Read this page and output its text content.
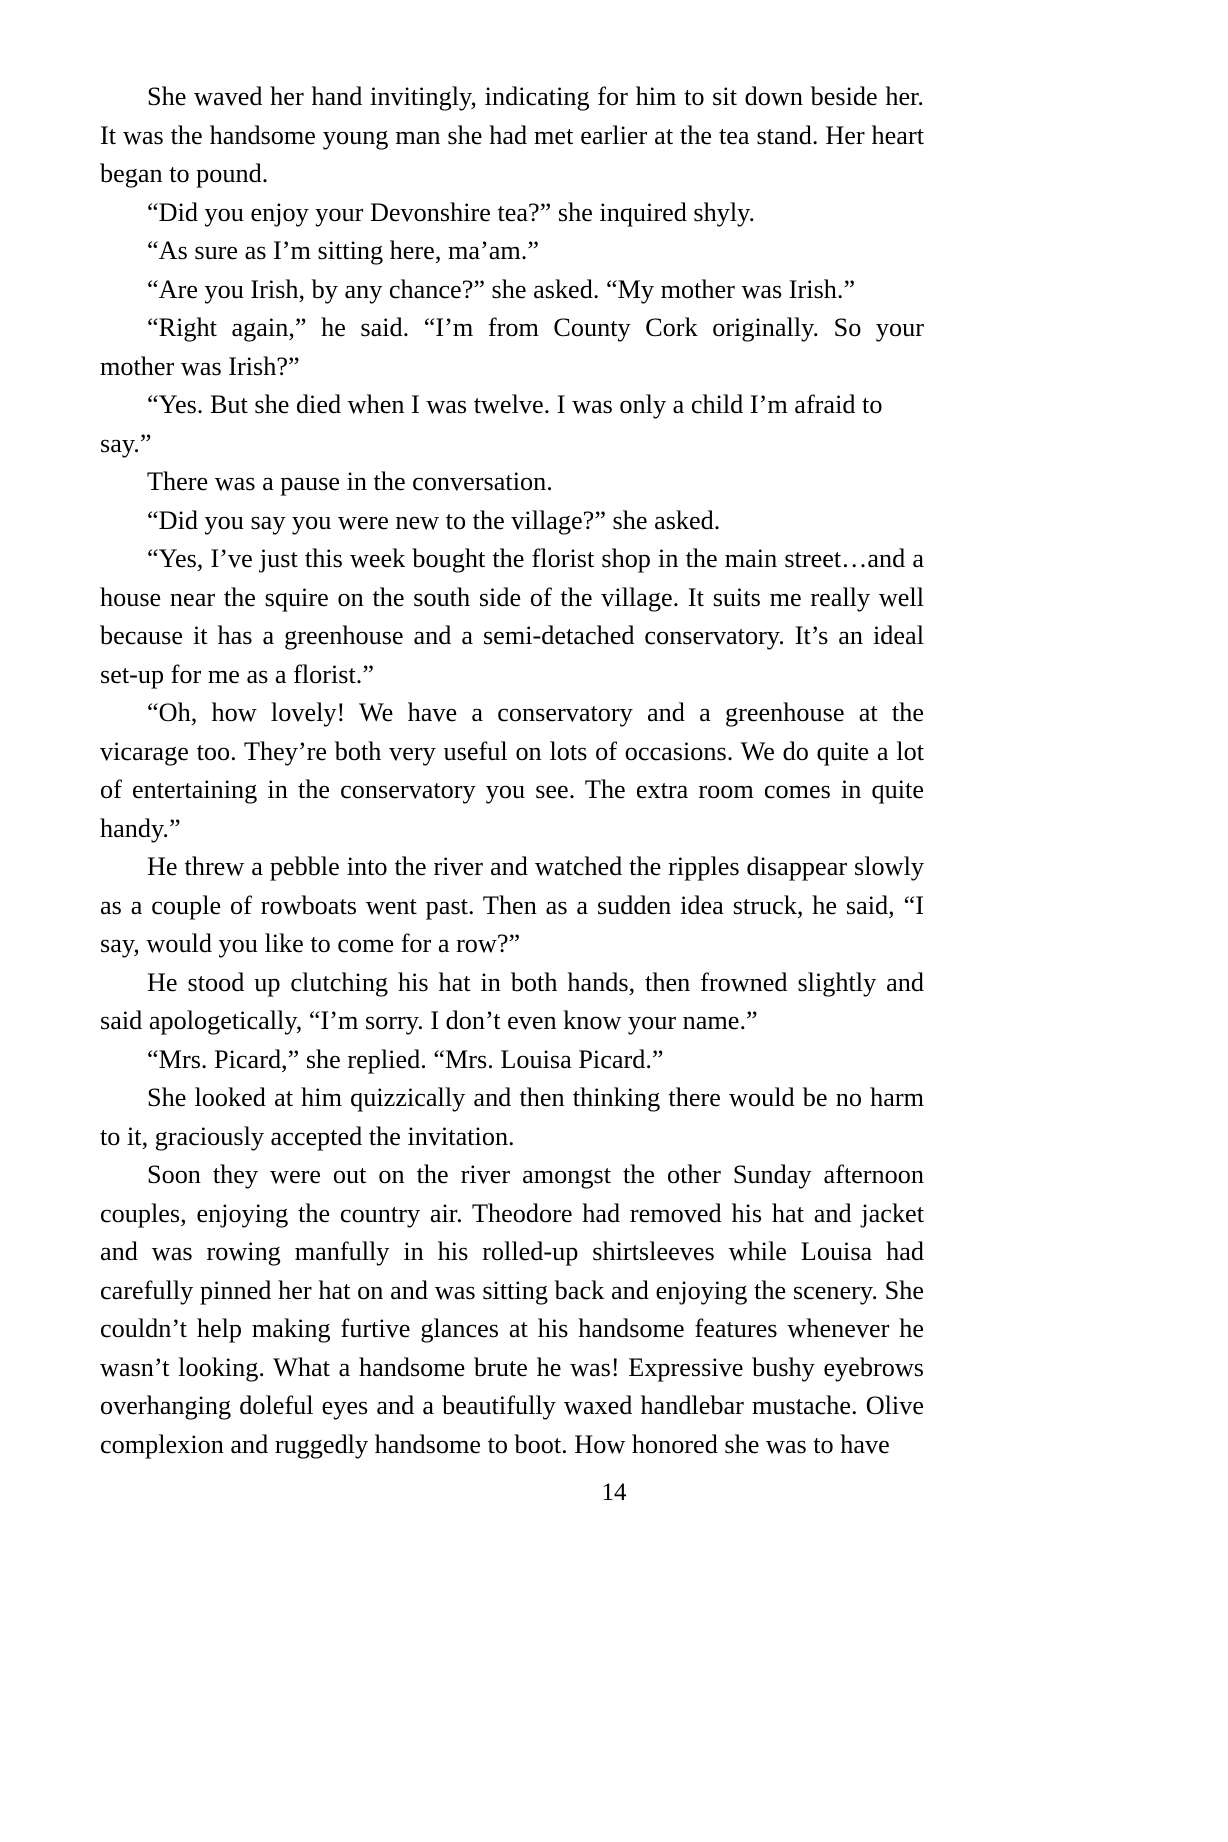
She waved her hand invitingly, indicating for him to sit down beside her. It was the handsome young man she had met earlier at the tea stand. Her heart began to pound.

“Did you enjoy your Devonshire tea?” she inquired shyly.

“As sure as I’m sitting here, ma’am.”

“Are you Irish, by any chance?” she asked. “My mother was Irish.”

“Right again,” he said. “I’m from County Cork originally. So your mother was Irish?”

“Yes. But she died when I was twelve. I was only a child I’m afraid to say.”

There was a pause in the conversation.

“Did you say you were new to the village?” she asked.

“Yes, I’ve just this week bought the florist shop in the main street…and a house near the squire on the south side of the village. It suits me really well because it has a greenhouse and a semi-detached conservatory. It’s an ideal set-up for me as a florist.”

“Oh, how lovely! We have a conservatory and a greenhouse at the vicarage too. They’re both very useful on lots of occasions. We do quite a lot of entertaining in the conservatory you see. The extra room comes in quite handy.”

He threw a pebble into the river and watched the ripples disappear slowly as a couple of rowboats went past. Then as a sudden idea struck, he said, “I say, would you like to come for a row?”

He stood up clutching his hat in both hands, then frowned slightly and said apologetically, “I’m sorry. I don’t even know your name.”

“Mrs. Picard,” she replied. “Mrs. Louisa Picard.”

She looked at him quizzically and then thinking there would be no harm to it, graciously accepted the invitation.

Soon they were out on the river amongst the other Sunday afternoon couples, enjoying the country air. Theodore had removed his hat and jacket and was rowing manfully in his rolled-up shirtsleeves while Louisa had carefully pinned her hat on and was sitting back and enjoying the scenery. She couldn’t help making furtive glances at his handsome features whenever he wasn’t looking. What a handsome brute he was! Expressive bushy eyebrows overhanging doleful eyes and a beautifully waxed handlebar mustache. Olive complexion and ruggedly handsome to boot. How honored she was to have

14
